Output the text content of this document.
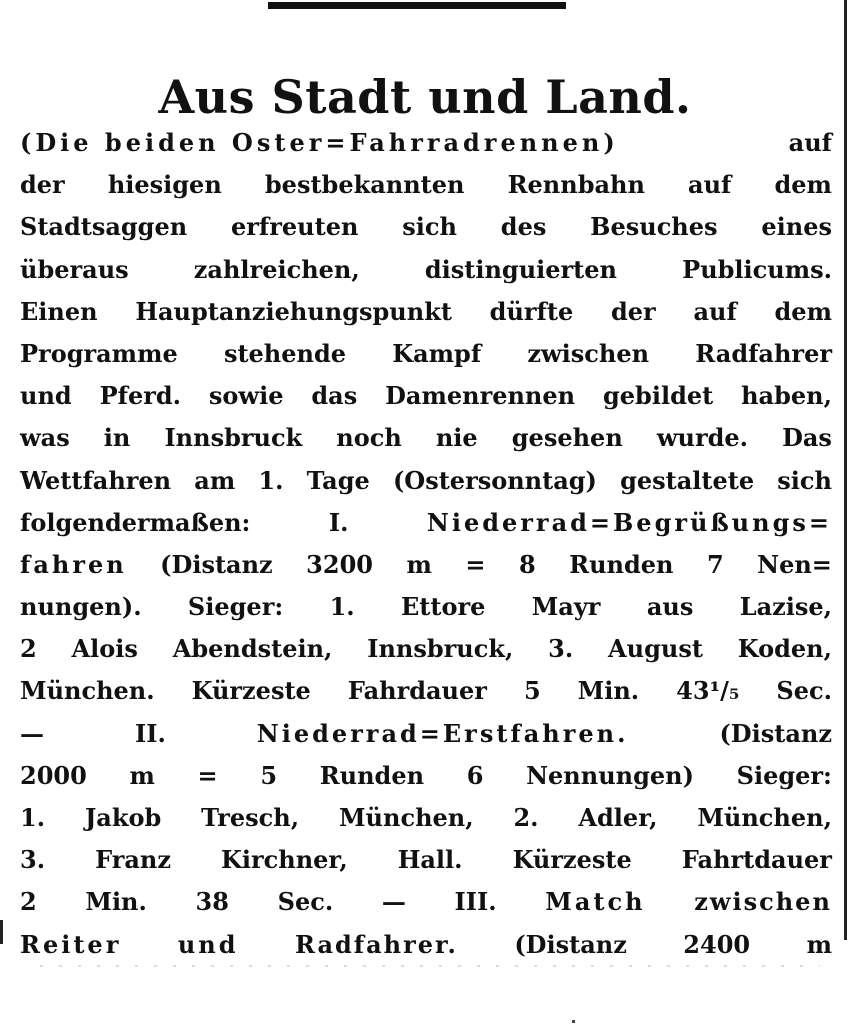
Aus Stadt und Land.
(Die beiden Oster=Fahrradrennen)	auf
der hiesigen bestbekannten Rennbahn auf dem
Stadtsaggen erfreuten sich des Besuches eines
überaus	zahlreichen,	distinguierten	Publicums.
Einen Hauptanziehungspunkt dürfte der auf dem
Programme stehende Kampf zwischen Radfahrer
und Pferd. sowie das Damenrennen gebildet haben,
was in Innsbruck noch nie gesehen wurde. Das
Wettfahren am 1. Tage (Ostersonntag) gestaltete sich
folgendermaßen:	I.	Niederrad=Begrüßungs=
fahren (Distanz 3200 m = 8 Runden 7 Nen=
nungen). Sieger: 1. Ettore Mayr aus Lazise,
2 Alois Abendstein, Innsbruck, 3. August Koden,
München. Kürzeste Fahrdauer 5 Min. 43¹/₅ Sec.
—	II.	Niederrad=Erstfahren.	(Distanz
2000 m = 5 Runden 6 Nennungen) Sieger:
1. Jakob Tresch, München, 2. Adler, München,
3. Franz Kirchner, Hall. Kürzeste Fahrtdauer
2 Min. 38 Sec. — III. Match zwischen
Reiter und Radfahrer. (Distanz 2400 m
